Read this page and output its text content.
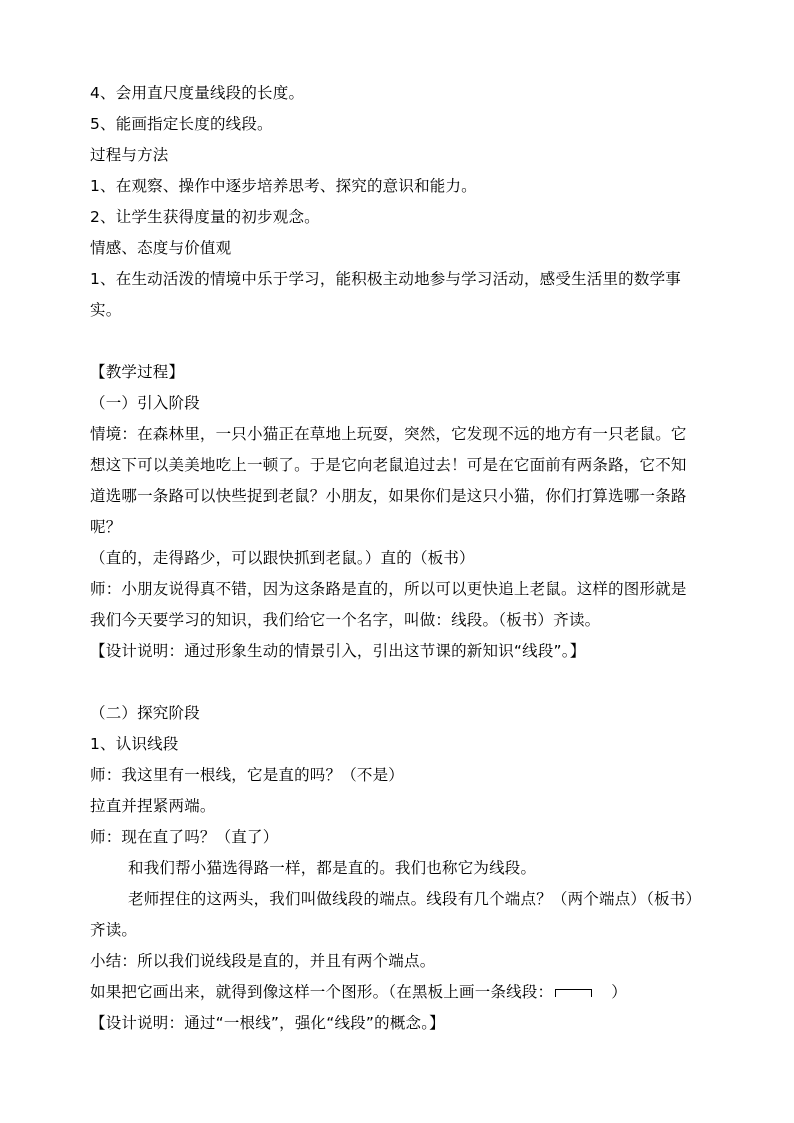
4、会用直尺度量线段的长度。
5、能画指定长度的线段。
过程与方法
1、在观察、操作中逐步培养思考、探究的意识和能力。
2、让学生获得度量的初步观念。
情感、态度与价值观
1、在生动活泼的情境中乐于学习，能积极主动地参与学习活动，感受生活里的数学事
实。
【教学过程】
（一）引入阶段
情境：在森林里，一只小猫正在草地上玩耍，突然，它发现不远的地方有一只老鼠。它
想这下可以美美地吃上一顿了。于是它向老鼠追过去！可是在它面前有两条路，它不知
道选哪一条路可以快些捉到老鼠？小朋友，如果你们是这只小猫，你们打算选哪一条路
呢？
（直的，走得路少，可以跟快抓到老鼠。）直的（板书）
师：小朋友说得真不错，因为这条路是直的，所以可以更快追上老鼠。这样的图形就是
我们今天要学习的知识，我们给它一个名字，叫做：线段。（板书）齐读。
【设计说明：通过形象生动的情景引入，引出这节课的新知识“线段”。】
（二）探究阶段
1、认识线段
师：我这里有一根线，它是直的吗？（不是）
拉直并捏紧两端。
师：现在直了吗？（直了）
和我们帮小猫选得路一样，都是直的。我们也称它为线段。
老师捏住的这两头，我们叫做线段的端点。线段有几个端点？（两个端点）（板书）
齐读。
小结：所以我们说线段是直的，并且有两个端点。
如果把它画出来，就得到像这样一个图形。（在黑板上画一条线段：	）
【设计说明：通过“一根线”，强化“线段”的概念。】
